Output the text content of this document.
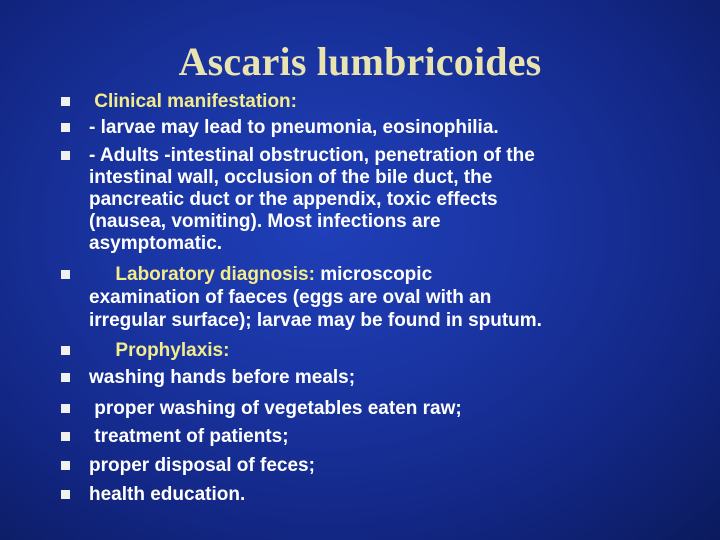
Ascaris lumbricoides
Clinical manifestation:
- larvae may lead to pneumonia, eosinophilia.
- Adults -intestinal obstruction, penetration of the
intestinal wall, occlusion of the bile duct, the
pancreatic duct or the appendix, toxic effects
(nausea, vomiting). Most infections are
asymptomatic.
Laboratory diagnosis: microscopic
examination of faeces (eggs are oval with an
irregular surface); larvae may be found in sputum.
Prophylaxis:
washing hands before meals;
proper washing of vegetables eaten raw;
treatment of patients;
proper disposal of feces;
health education.
